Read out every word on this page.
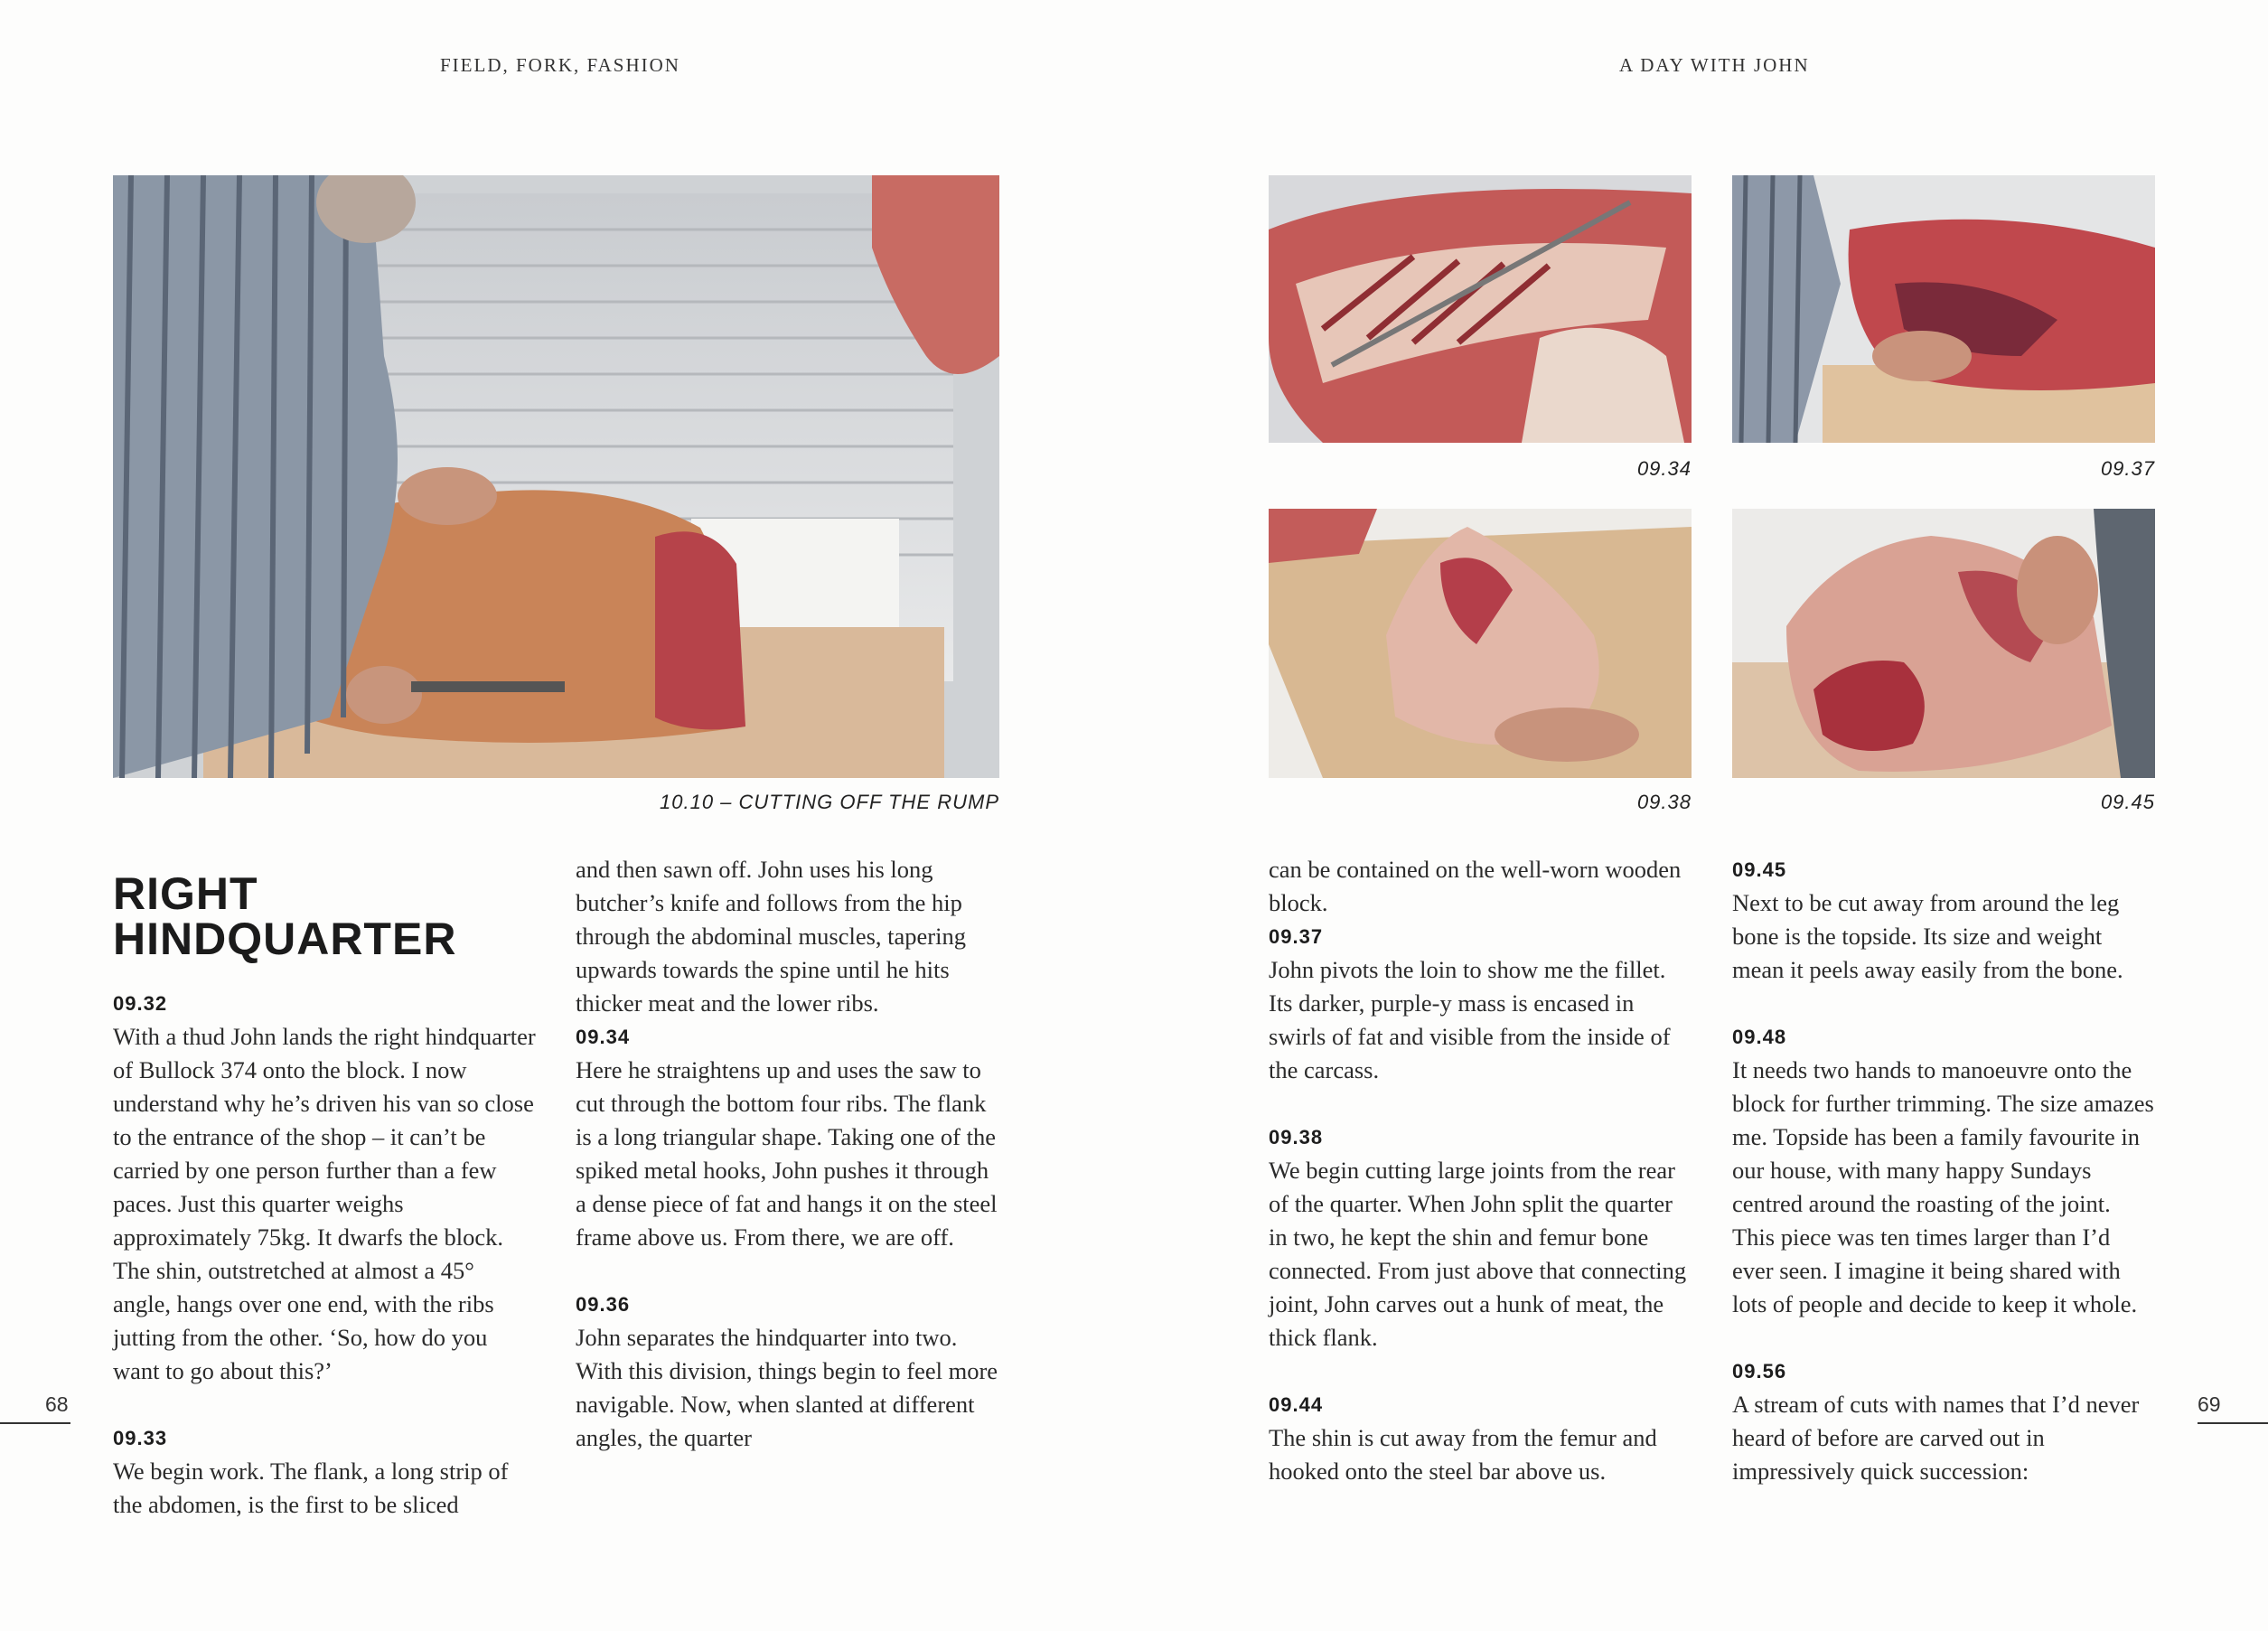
FIELD, FORK, FASHION	A DAY WITH JOHN
10.10 – CUTTING OFF THE RUMP
09.34	09.37
09.38	09.45
RIGHT
HINDQUARTER
09.32

With a thud John lands the right hindquarter of Bullock 374 onto the block. I now understand why he’s driven his van so close to the entrance of the shop – it can’t be carried by one person further than a few paces. Just this quarter weighs approximately 75kg. It dwarfs the block. The shin, outstretched at almost a 45° angle, hangs over one end, with the ribs jutting from the other. ‘So, how do you want to go about this?’

09.33

We begin work. The flank, a long strip of the abdomen, is the first to be sliced

and then sawn off. John uses his long butcher’s knife and follows from the hip through the abdominal muscles, tapering upwards towards the spine until he hits thicker meat and the lower ribs.

09.34

Here he straightens up and uses the saw to cut through the bottom four ribs. The flank is a long triangular shape. Taking one of the spiked metal hooks, John pushes it through a dense piece of fat and hangs it on the steel frame above us. From there, we are off.

09.36

John separates the hindquarter into two. With this division, things begin to feel more navigable. Now, when slanted at different angles, the quarter

can be contained on the well-worn wooden block.

09.37

John pivots the loin to show me the fillet. Its darker, purple-y mass is encased in swirls of fat and visible from the inside of the carcass.

09.38

We begin cutting large joints from the rear of the quarter. When John split the quarter in two, he kept the shin and femur bone connected. From just above that connecting joint, John carves out a hunk of meat, the thick flank.

09.44

The shin is cut away from the femur and hooked onto the steel bar above us.

09.45

Next to be cut away from around the leg bone is the topside. Its size and weight mean it peels away easily from the bone.

09.48

It needs two hands to manoeuvre onto the block for further trimming. The size amazes me. Topside has been a family favourite in our house, with many happy Sundays centred around the roasting of the joint. This piece was ten times larger than I’d ever seen. I imagine it being shared with lots of people and decide to keep it whole.

09.56

A stream of cuts with names that I’d never heard of before are carved out in impressively quick succession:

68	69
